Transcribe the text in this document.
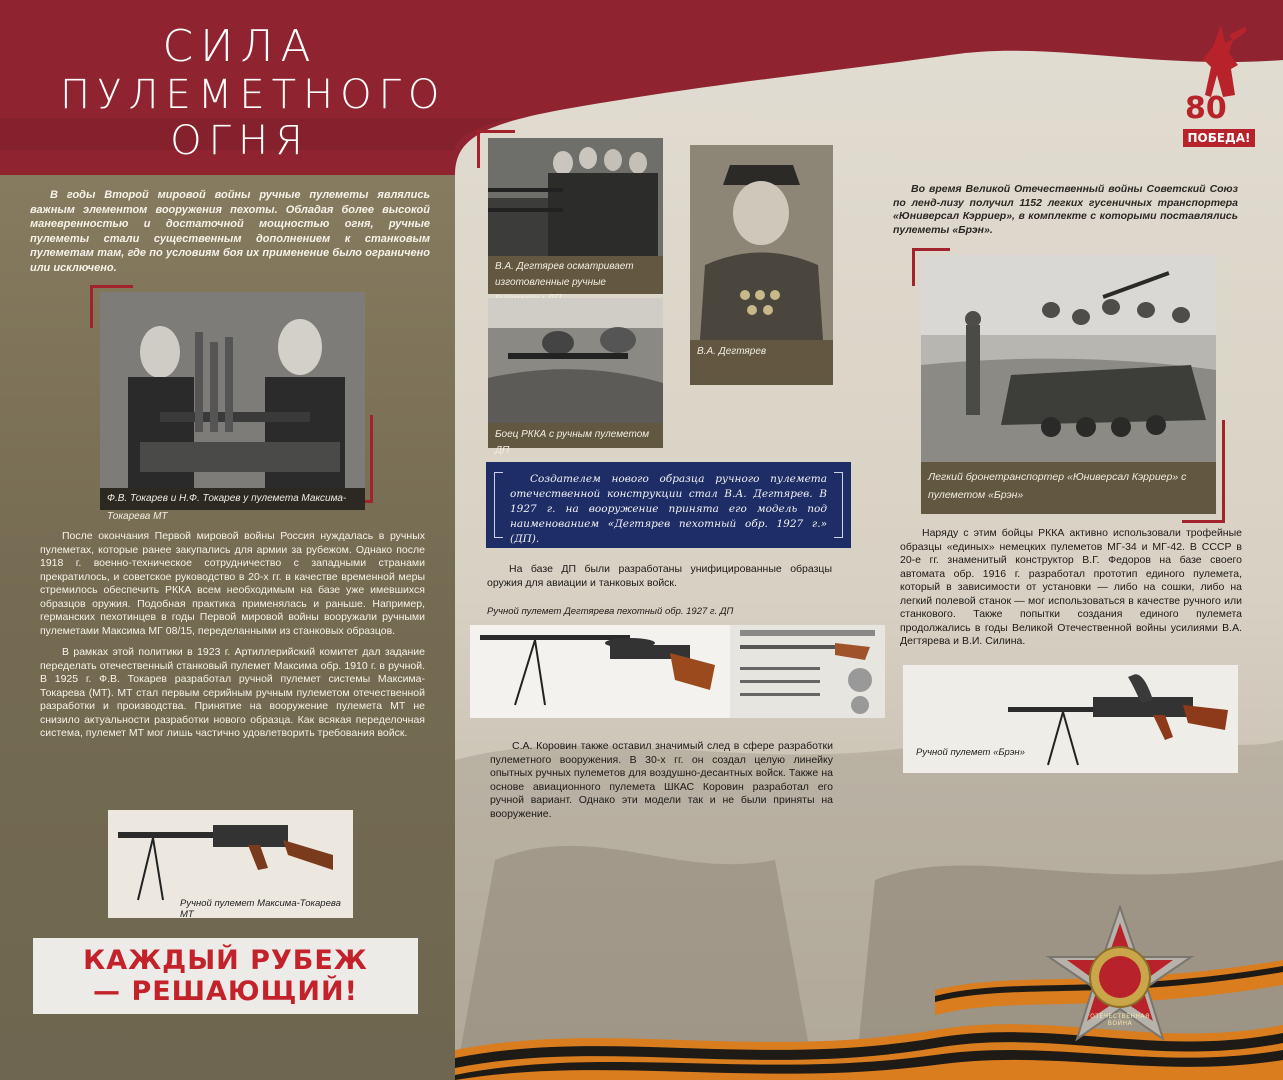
СИЛА
ПУЛЕМЕТНОГО
ОГНЯ
В годы Второй мировой войны ручные пулеметы являлись важным элементом вооружения пехоты. Обладая более высокой маневренностью и достаточной мощностью огня, ручные пулеметы стали существенным дополнением к станковым пулеметам там, где по условиям боя их применение было ограничено или исключено.
Ф.В. Токарев и Н.Ф. Токарев у пулемета Максима-Токарева МТ

После окончания Первой мировой войны Россия нуждалась в ручных пулеметах, которые ранее закупались для армии за рубежом. Однако после 1918 г. военно-техническое сотрудничество с западными странами прекратилось, и советское руководство в 20-х гг. в качестве временной меры стремилось обеспечить РККА всем необходимым на базе уже имевшихся образцов оружия. Подобная практика применялась и раньше. Например, германских пехотинцев в годы Первой мировой войны вооружали ручными пулеметами Максима МГ 08/15, переделанными из станковых образцов.

В рамках этой политики в 1923 г. Артиллерийский комитет дал задание переделать отечественный станковый пулемет Максима обр. 1910 г. в ручной. В 1925 г. Ф.В. Токарев разработал ручной пулемет системы Максима-Токарева (МТ). МТ стал первым серийным ручным пулеметом отечественной разработки и производства. Принятие на вооружение пулемета МТ не снизило актуальности разработки нового образца. Как всякая переделочная система, пулемет МТ мог лишь частично удовлетворить требования войск.

Ручной пулемет Максима-Токарева МТ
КАЖДЫЙ РУБЕЖ
— РЕШАЮЩИЙ!
В.А. Дегтярев осматривает изготовленные ручные
Боец РККА с ручным пулеметом ДП
В.А. Дегтярев
Создателем нового образца ручного пулемета отечественной конструкции стал В.А. Дегтярев. В 1927 г. на вооружение принята его модель под наименованием «Дегтярев пехотный обр. 1927 г.» (ДП).
На базе ДП были разработаны унифицированные образцы оружия для авиации и танковых войск.
Ручной пулемет Дегтярева пехотный обр. 1927 г. ДП
С.А. Коровин также оставил значимый след в сфере разработки пулеметного вооружения. В 30-х гг. он создал целую линейку опытных ручных пулеметов для воздушно-десантных войск. Также на основе авиационного пулемета ШКАС Коровин разработал его ручной вариант. Однако эти модели так и не были приняты на вооружение.
Во время Великой Отечественный войны Советский Союз по ленд-лизу получил 1152 легких гусеничных транспортера «Юниверсал Кэрриер», в комплекте с которыми поставлялись пулеметы «Брэн».
Легкий бронетранспортер «Юниверсал Кэрриер» с пулеметом «Брэн»
Наряду с этим бойцы РККА активно использовали трофейные образцы «единых» немецких пулеметов МГ-34 и МГ-42. В СССР в 20-е гг. знаменитый конструктор В.Г. Федоров на базе своего автомата обр. 1916 г. разработал прототип единого пулемета, который в зависимости от установки — либо на сошки, либо на легкий полевой станок — мог использоваться в качестве ручного или станкового. Также попытки создания единого пулемета продолжались в годы Великой Отечественной войны усилиями В.А. Дегтярева и В.И. Силина.
Ручной пулемет «Брэн»
80
ПОБЕДА!
ОТЕЧЕСТВЕННАЯ ВОЙНА
